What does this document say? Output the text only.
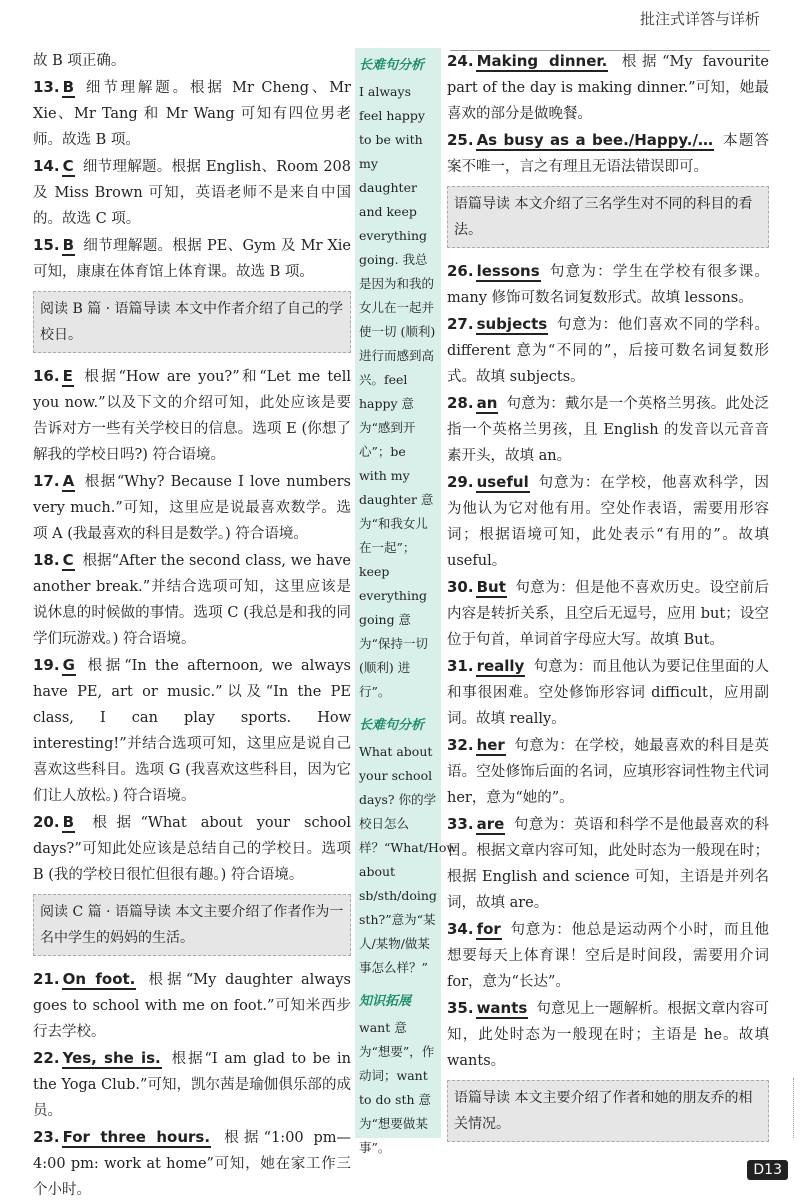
批注式详答与详析
故 B 项正确。
13. B 细节理解题。根据 Mr Cheng、Mr Xie、Mr Tang 和 Mr Wang 可知有四位男老师。故选 B 项。
14. C 细节理解题。根据 English、Room 208 及 Miss Brown 可知，英语老师不是来自中国的。故选 C 项。
15. B 细节理解题。根据 PE、Gym 及 Mr Xie 可知，康康在体育馆上体育课。故选 B 项。
阅读 B 篇 · 语篇导读 本文中作者介绍了自己的学校日。
16. E 根据“How are you?”和“Let me tell you now.”以及下文的介绍可知，此处应该是要告诉对方一些有关学校日的信息。选项 E (你想了解我的学校日吗?) 符合语境。
17. A 根据“Why? Because I love numbers very much.”可知，这里应是说最喜欢数学。选项 A (我最喜欢的科目是数学。) 符合语境。
18. C 根据“After the second class, we have another break.”并结合选项可知，这里应该是说休息的时候做的事情。选项 C (我总是和我的同学们玩游戏。) 符合语境。
19. G 根据“In the afternoon, we always have PE, art or music.”以及“In the PE class, I can play sports. How interesting!”并结合选项可知，这里应是说自己喜欢这些科目。选项 G (我喜欢这些科目，因为它们让人放松。) 符合语境。
20. B 根据“What about your school days?”可知此处应该是总结自己的学校日。选项 B (我的学校日很忙但很有趣。) 符合语境。
阅读 C 篇 · 语篇导读 本文主要介绍了作者作为一名中学生的妈妈的生活。
21. On foot. 根据“My daughter always goes to school with me on foot.”可知米西步行去学校。
22. Yes, she is. 根据“I am glad to be in the Yoga Club.”可知，凯尔茜是瑜伽俱乐部的成员。
23. For three hours. 根据“1:00 pm—4:00 pm: work at home”可知，她在家工作三个小时。
长难句分析
I always feel happy to be with my daughter and keep everything going. 我总是因为和我的女儿在一起并使一切 (顺利) 进行而感到高兴。feel happy 意为“感到开心”；be with my daughter 意为“和我女儿在一起”；keep everything going 意为“保持一切 (顺利) 进行”。
长难句分析
What about your school days? 你的学校日怎么样？“What/How about sb/sth/doing sth?”意为“某人/某物/做某事怎么样？”
知识拓展
want 意为“想要”，作动词；want to do sth 意为“想要做某事”。
24. Making dinner. 根据“My favourite part of the day is making dinner.”可知，她最喜欢的部分是做晚餐。
25. As busy as a bee./Happy./… 本题答案不唯一，言之有理且无语法错误即可。
语篇导读 本文介绍了三名学生对不同的科目的看法。
26. lessons 句意为：学生在学校有很多课。many 修饰可数名词复数形式。故填 lessons。
27. subjects 句意为：他们喜欢不同的学科。different 意为“不同的”，后接可数名词复数形式。故填 subjects。
28. an 句意为：戴尔是一个英格兰男孩。此处泛指一个英格兰男孩，且 English 的发音以元音音素开头，故填 an。
29. useful 句意为：在学校，他喜欢科学，因为他认为它对他有用。空处作表语，需要用形容词；根据语境可知，此处表示“有用的”。故填 useful。
30. But 句意为：但是他不喜欢历史。设空前后内容是转折关系，且空后无逗号，应用 but；设空位于句首，单词首字母应大写。故填 But。
31. really 句意为：而且他认为要记住里面的人和事很困难。空处修饰形容词 difficult，应用副词。故填 really。
32. her 句意为：在学校，她最喜欢的科目是英语。空处修饰后面的名词，应填形容词性物主代词 her，意为“她的”。
33. are 句意为：英语和科学不是他最喜欢的科目。根据文章内容可知，此处时态为一般现在时；根据 English and science 可知，主语是并列名词，故填 are。
34. for 句意为：他总是运动两个小时，而且他想要每天上体育课！空后是时间段，需要用介词 for，意为“长达”。
35. wants 句意见上一题解析。根据文章内容可知，此处时态为一般现在时；主语是 he。故填 wants。
语篇导读 本文主要介绍了作者和她的朋友乔的相关情况。
D13
